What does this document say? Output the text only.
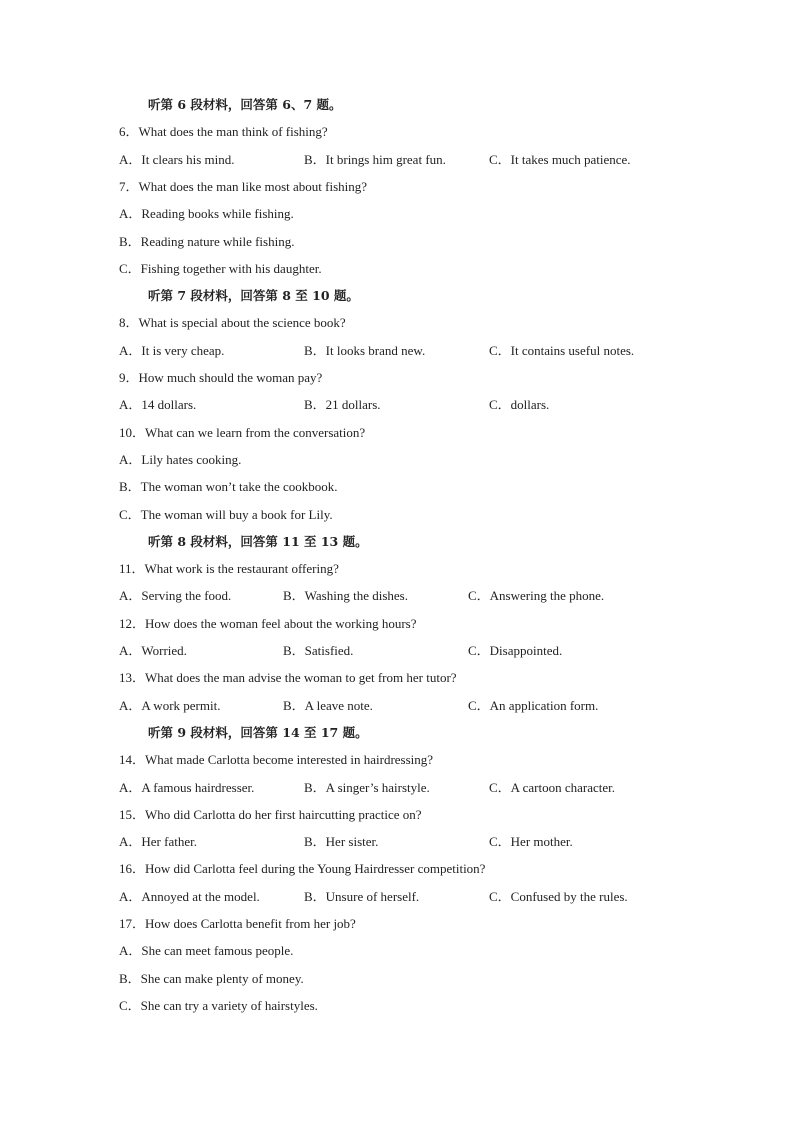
听第 6 段材料，回答第 6、7 题。
6．What does the man think of fishing?
A．It clears his mind.	B．It brings him great fun.	C．It takes much patience.
7．What does the man like most about fishing?
A．Reading books while fishing.
B．Reading nature while fishing.
C．Fishing together with his daughter.
听第 7 段材料，回答第 8 至 10 题。
8．What is special about the science book?
A．It is very cheap.	B．It looks brand new.	C．It contains useful notes.
9．How much should the woman pay?
A．14 dollars.	B．21 dollars.	C．dollars.
10．What can we learn from the conversation?
A．Lily hates cooking.
B．The woman won’t take the cookbook.
C．The woman will buy a book for Lily.
听第 8 段材料，回答第 11 至 13 题。
11．What work is the restaurant offering?
A．Serving the food.	B．Washing the dishes.	C．Answering the phone.
12．How does the woman feel about the working hours?
A．Worried.	B．Satisfied.	C．Disappointed.
13．What does the man advise the woman to get from her tutor?
A．A work permit.	B．A leave note.	C．An application form.
听第 9 段材料，回答第 14 至 17 题。
14．What made Carlotta become interested in hairdressing?
A．A famous hairdresser.	B．A singer’s hairstyle.	C．A cartoon character.
15．Who did Carlotta do her first haircutting practice on?
A．Her father.	B．Her sister.	C．Her mother.
16．How did Carlotta feel during the Young Hairdresser competition?
A．Annoyed at the model.	B．Unsure of herself.	C．Confused by the rules.
17．How does Carlotta benefit from her job?
A．She can meet famous people.
B．She can make plenty of money.
C．She can try a variety of hairstyles.
